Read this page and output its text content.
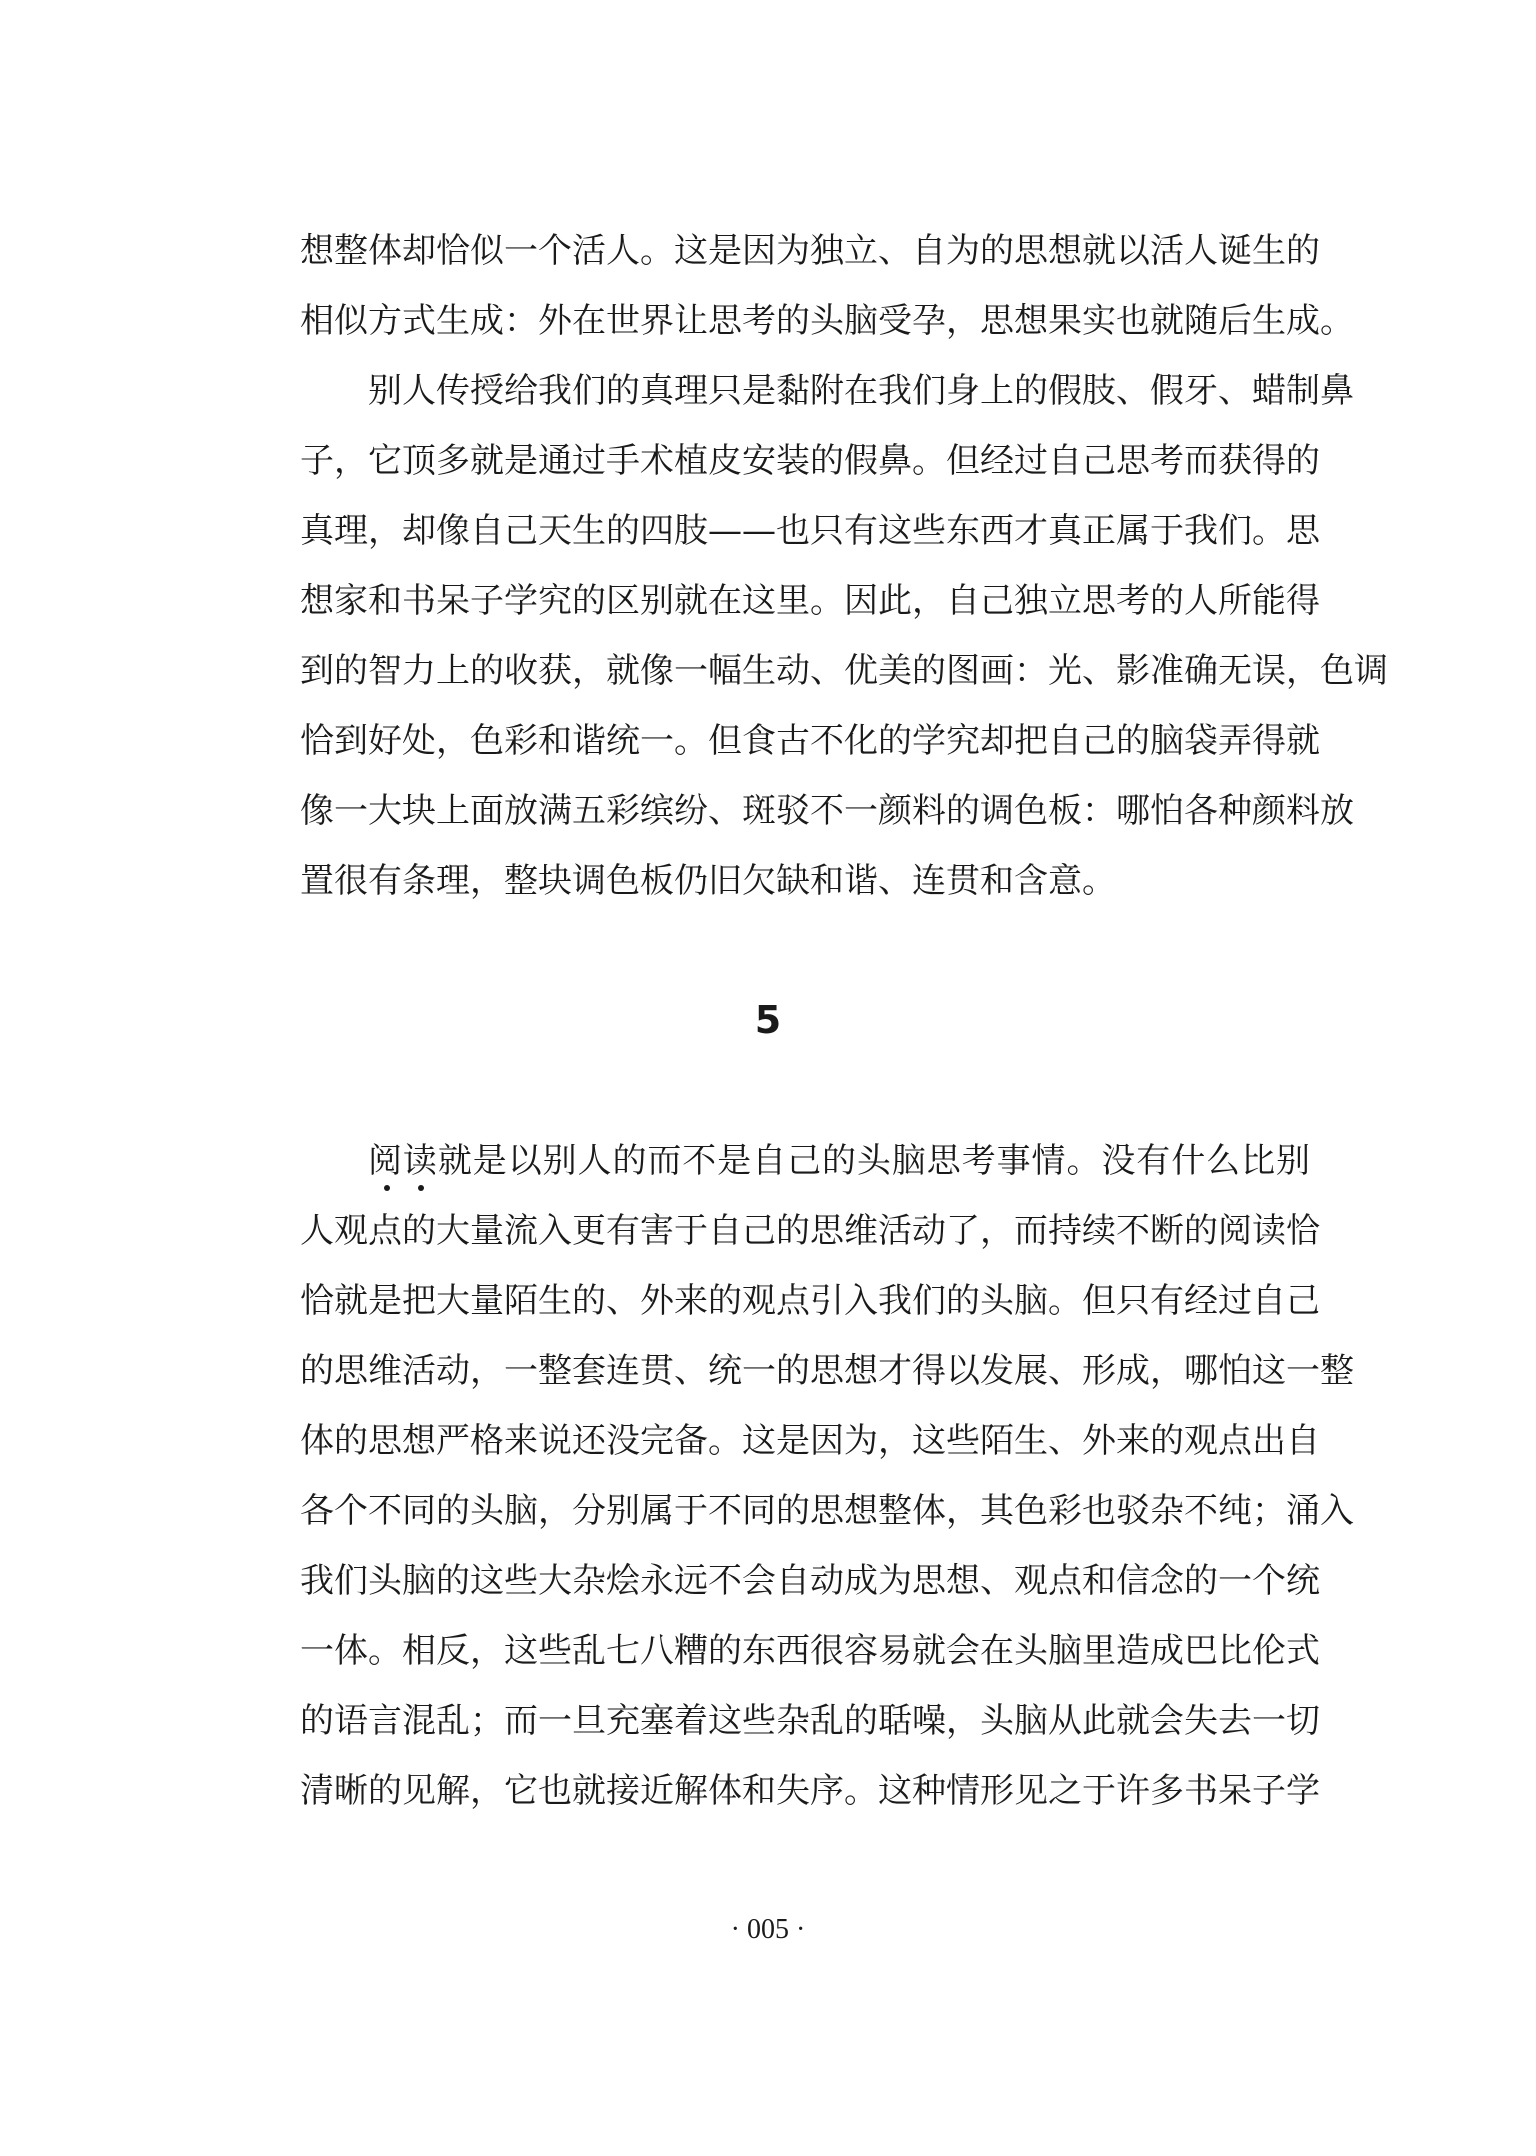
想整体却恰似一个活人。这是因为独立、自为的思想就以活人诞生的
相似方式生成：外在世界让思考的头脑受孕，思想果实也就随后生成。
别人传授给我们的真理只是黏附在我们身上的假肢、假牙、蜡制鼻
子，它顶多就是通过手术植皮安装的假鼻。但经过自己思考而获得的
真理，却像自己天生的四肢——也只有这些东西才真正属于我们。思
想家和书呆子学究的区别就在这里。因此，自己独立思考的人所能得
到的智力上的收获，就像一幅生动、优美的图画：光、影准确无误，色调
恰到好处，色彩和谐统一。但食古不化的学究却把自己的脑袋弄得就
像一大块上面放满五彩缤纷、斑驳不一颜料的调色板：哪怕各种颜料放
置很有条理，整块调色板仍旧欠缺和谐、连贯和含意。
阅读就是以别人的而不是自己的头脑思考事情。没有什么比别
人观点的大量流入更有害于自己的思维活动了，而持续不断的阅读恰
恰就是把大量陌生的、外来的观点引入我们的头脑。但只有经过自己
的思维活动，一整套连贯、统一的思想才得以发展、形成，哪怕这一整
体的思想严格来说还没完备。这是因为，这些陌生、外来的观点出自
各个不同的头脑，分别属于不同的思想整体，其色彩也驳杂不纯；涌入
我们头脑的这些大杂烩永远不会自动成为思想、观点和信念的一个统
一体。相反，这些乱七八糟的东西很容易就会在头脑里造成巴比伦式
的语言混乱；而一旦充塞着这些杂乱的聒噪，头脑从此就会失去一切
清晰的见解，它也就接近解体和失序。这种情形见之于许多书呆子学
5
· 005 ·
